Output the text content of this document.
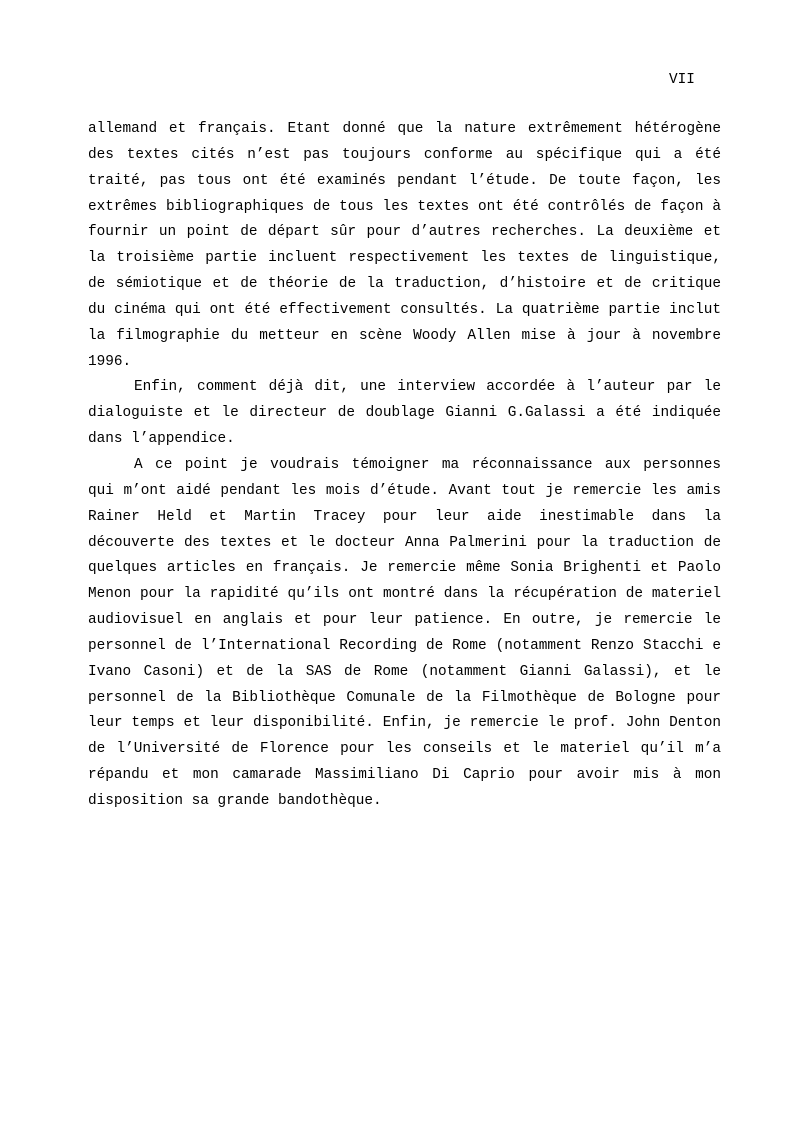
VII

allemand et français. Etant donné que la nature extrêmement hétérogène des textes cités n’est pas toujours conforme au spécifique qui a été traité, pas tous ont été examinés pendant l’étude. De toute façon, les extrêmes bibliographiques de tous les textes ont été contrôlés de façon à fournir un point de départ sûr pour d’autres recherches. La deuxième et la troisième partie incluent respectivement les textes de linguistique, de sémiotique et de théorie de la traduction, d’histoire et de critique du cinéma qui ont été effectivement consultés. La quatrième partie inclut la filmographie du metteur en scène Woody Allen mise à jour à novembre 1996.

Enfin, comment déjà dit, une interview accordée à l’auteur par le dialoguiste et le directeur de doublage Gianni G.Galassi a été indiquée dans l’appendice.

A ce point je voudrais témoigner ma réconnaissance aux personnes qui m’ont aidé pendant les mois d’étude. Avant tout je remercie les amis Rainer Held et Martin Tracey pour leur aide inestimable dans la découverte des textes et le docteur Anna Palmerini pour la traduction de quelques articles en français. Je remercie même Sonia Brighenti et Paolo Menon pour la rapidité qu’ils ont montré dans la récupération de materiel audiovisuel en anglais et pour leur patience. En outre, je remercie le personnel de l’International Recording de Rome (notamment Renzo Stacchi e Ivano Casoni) et de la SAS de Rome (notamment Gianni Galassi), et le personnel de la Bibliothèque Comunale de la Filmothèque de Bologne pour leur temps et leur disponibilité. Enfin, je remercie le prof. John Denton de l’Université de Florence pour les conseils et le materiel qu’il m’a répandu et mon camarade Massimiliano Di Caprio pour avoir mis à mon disposition sa grande bandothèque.
